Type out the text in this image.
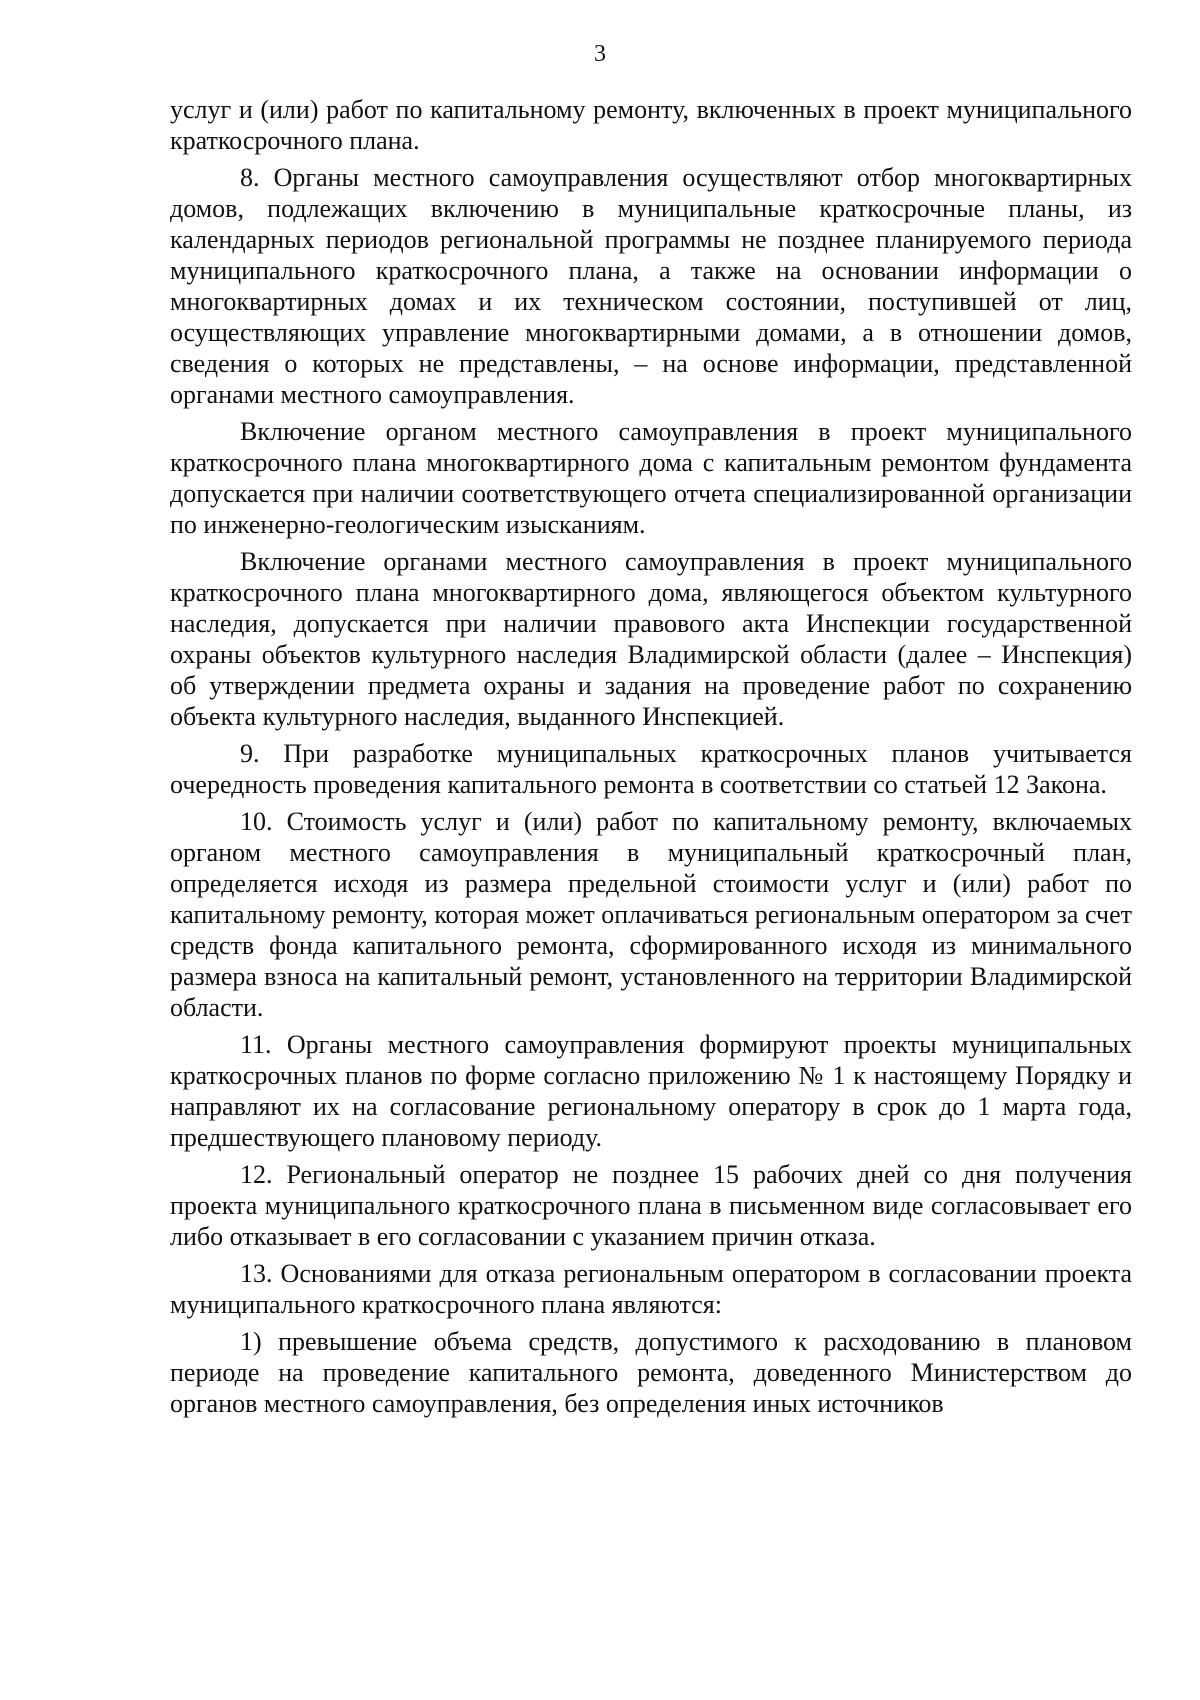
3

услуг и (или) работ по капитальному ремонту, включенных в проект муниципального краткосрочного плана.

8. Органы местного самоуправления осуществляют отбор многоквартирных домов, подлежащих включению в муниципальные краткосрочные планы, из календарных периодов региональной программы не позднее планируемого периода муниципального краткосрочного плана, а также на основании информации о многоквартирных домах и их техническом состоянии, поступившей от лиц, осуществляющих управление многоквартирными домами, а в отношении домов, сведения о которых не представлены, – на основе информации, представленной органами местного самоуправления.

Включение органом местного самоуправления в проект муниципального краткосрочного плана многоквартирного дома с капитальным ремонтом фундамента допускается при наличии соответствующего отчета специализированной организации по инженерно-геологическим изысканиям.

Включение органами местного самоуправления в проект муниципального краткосрочного плана многоквартирного дома, являющегося объектом культурного наследия, допускается при наличии правового акта Инспекции государственной охраны объектов культурного наследия Владимирской области (далее – Инспекция) об утверждении предмета охраны и задания на проведение работ по сохранению объекта культурного наследия, выданного Инспекцией.

9. При разработке муниципальных краткосрочных планов учитывается очередность проведения капитального ремонта в соответствии со статьей 12 Закона.

10. Стоимость услуг и (или) работ по капитальному ремонту, включаемых органом местного самоуправления в муниципальный краткосрочный план, определяется исходя из размера предельной стоимости услуг и (или) работ по капитальному ремонту, которая может оплачиваться региональным оператором за счет средств фонда капитального ремонта, сформированного исходя из минимального размера взноса на капитальный ремонт, установленного на территории Владимирской области.

11. Органы местного самоуправления формируют проекты муниципальных краткосрочных планов по форме согласно приложению № 1 к настоящему Порядку и направляют их на согласование региональному оператору в срок до 1 марта года, предшествующего плановому периоду.

12. Региональный оператор не позднее 15 рабочих дней со дня получения проекта муниципального краткосрочного плана в письменном виде согласовывает его либо отказывает в его согласовании с указанием причин отказа.

13. Основаниями для отказа региональным оператором в согласовании проекта муниципального краткосрочного плана являются:

1) превышение объема средств, допустимого к расходованию в плановом периоде на проведение капитального ремонта, доведенного Министерством до органов местного самоуправления, без определения иных источников
